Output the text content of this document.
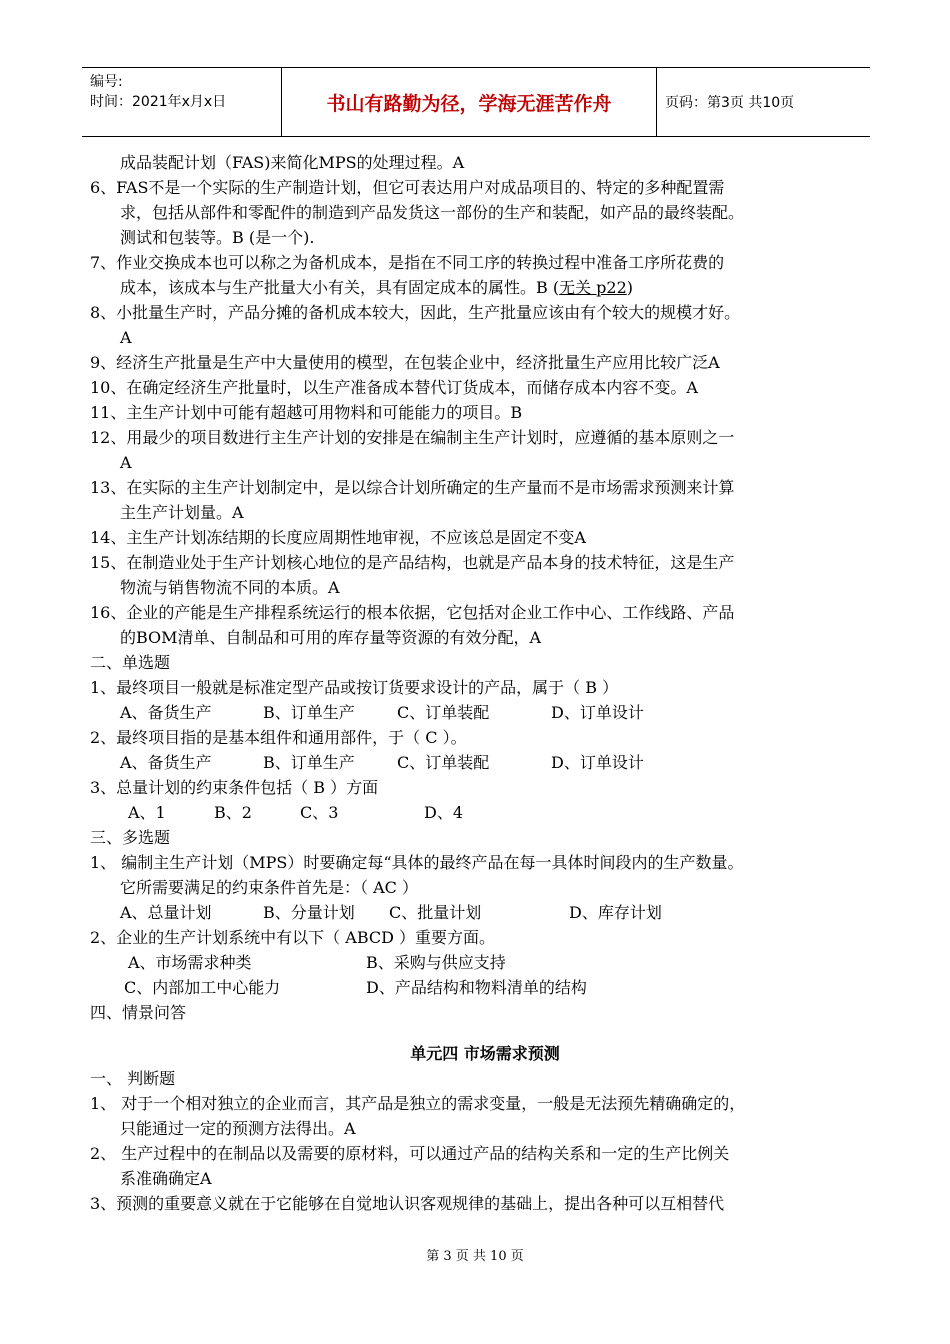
编号:
时间：2021年x月x日	书山有路勤为径，学海无涯苦作舟	页码：第3页 共10页
成品装配计划（FAS)来简化MPS的处理过程。A
6、FAS不是一个实际的生产制造计划，但它可表达用户对成品项目的、特定的多种配置需
求，包括从部件和零配件的制造到产品发货这一部份的生产和装配，如产品的最终装配。
测试和包装等。B (是一个).
7、作业交换成本也可以称之为备机成本，是指在不同工序的转换过程中准备工序所花费的
成本，该成本与生产批量大小有关，具有固定成本的属性。B (无关 p22)
8、小批量生产时，产品分摊的备机成本较大，因此，生产批量应该由有个较大的规模才好。
A
9、经济生产批量是生产中大量使用的模型，在包装企业中，经济批量生产应用比较广泛A
10、在确定经济生产批量时，以生产准备成本替代订货成本，而储存成本内容不变。A
11、主生产计划中可能有超越可用物料和可能能力的项目。B
12、用最少的项目数进行主生产计划的安排是在编制主生产计划时，应遵循的基本原则之一
A
13、在实际的主生产计划制定中，是以综合计划所确定的生产量而不是市场需求预测来计算
主生产计划量。A
14、主生产计划冻结期的长度应周期性地审视，不应该总是固定不变A
15、在制造业处于生产计划核心地位的是产品结构，也就是产品本身的技术特征，这是生产
物流与销售物流不同的本质。A
16、企业的产能是生产排程系统运行的根本依据，它包括对企业工作中心、工作线路、产品
的BOM清单、自制品和可用的库存量等资源的有效分配，A
二、单选题
1、最终项目一般就是标准定型产品或按订货要求设计的产品，属于（ B ）
A、备货生产	B、订单生产	C、订单装配	D、订单设计
2、最终项目指的是基本组件和通用部件，于（ C ）。
A、备货生产	B、订单生产	C、订单装配	D、订单设计
3、总量计划的约束条件包括（ B ）方面
A、1	B、2	C、3	D、4
三、多选题
1、 编制主生产计划（MPS）时要确定每“具体的最终产品在每一具体时间段内的生产数量。
它所需要满足的约束条件首先是：（ AC ）
A、总量计划	B、分量计划 C、批量计划	D、库存计划
2、企业的生产计划系统中有以下（ ABCD ）重要方面。
A、市场需求种类	B、采购与供应支持
C、内部加工中心能力	D、产品结构和物料清单的结构
四、情景问答
单元四 市场需求预测
一、 判断题
1、 对于一个相对独立的企业而言，其产品是独立的需求变量，一般是无法预先精确确定的，
只能通过一定的预测方法得出。A
2、 生产过程中的在制品以及需要的原材料，可以通过产品的结构关系和一定的生产比例关
系准确确定A
3、预测的重要意义就在于它能够在自觉地认识客观规律的基础上，提出各种可以互相替代
第 3 页 共 10 页
